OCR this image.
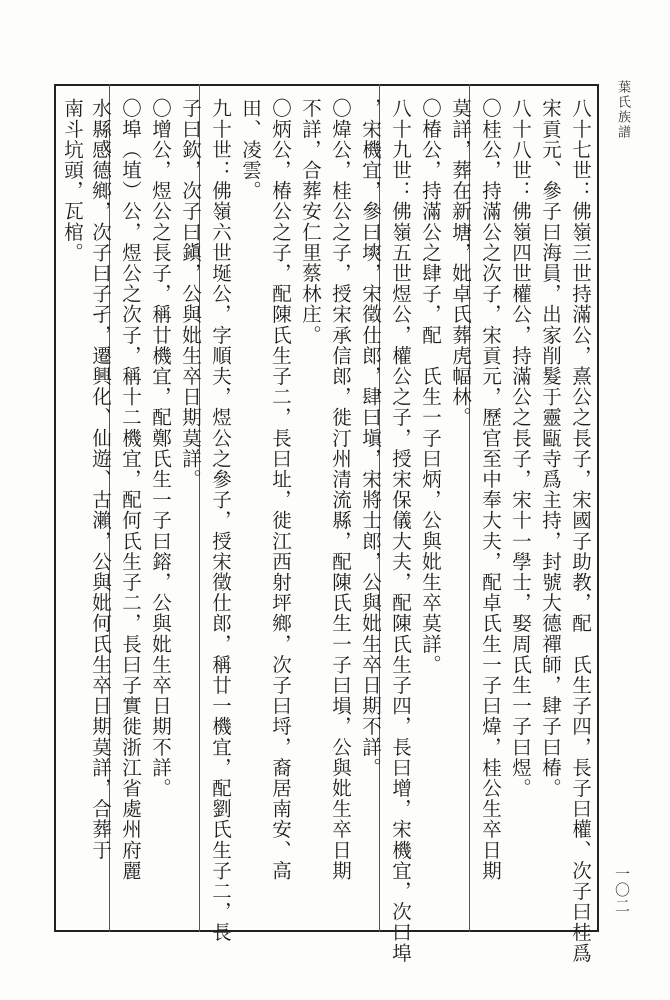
葉氏族譜
一〇二
八十七世：佛嶺三世持滿公，熹公之長子，宋國子助教，配　氏生子四，長子曰權、次子曰桂爲
宋貢元、參子曰海員，出家削髮于靈甌寺爲主持，封號大德禪師，肆子曰椿。
八十八世：佛嶺四世權公，持滿公之長子，宋十一學士，娶周氏生一子曰煜。
〇桂公，持滿公之次子，宋貢元，歷官至中奉大夫，配卓氏生一子曰煒，桂公生卒日期
莫詳，葬在新塘，妣卓氏葬虎幅林。
〇椿公，持滿公之肆子，配　氏生一子曰炳，公與妣生卒莫詳。
八十九世：佛嶺五世煜公，權公之子，授宋保儀大夫，配陳氏生子四，長曰增，宋機宜，次曰埠
，宋機宜，參曰塽，宋徵仕郎，肆曰塡，宋將士郎，公與妣生卒日期不詳。
〇煒公，桂公之子，授宋承信郎，徙汀州清流縣，配陳氏生一子曰塤，公與妣生卒日期
不詳，合葬安仁里蔡林庄。
〇炳公，椿公之子，配陳氏生子二，長曰址，徙江西射坪鄉，次子曰埒，裔居南安、高
田、凌雲。
九十世：佛嶺六世埏公，字順夫，煜公之參子，授宋徵仕郎，稱廿一機宜，配劉氏生子二，長
子曰欽，次子曰鎭，公與妣生卒日期莫詳。
〇增公，煜公之長子，稱廿機宜，配鄭氏生一子曰鎔，公與妣生卒日期不詳。
〇埠（埴）公，煜公之次子，稱十二機宜，配何氏生子二，長曰子實徙浙江省處州府麗
水縣感德鄉，次子曰子孑，遷興化、仙遊、古瀨，公與妣何氏生卒日期莫詳，合葬于
南斗坑頭，瓦棺。
